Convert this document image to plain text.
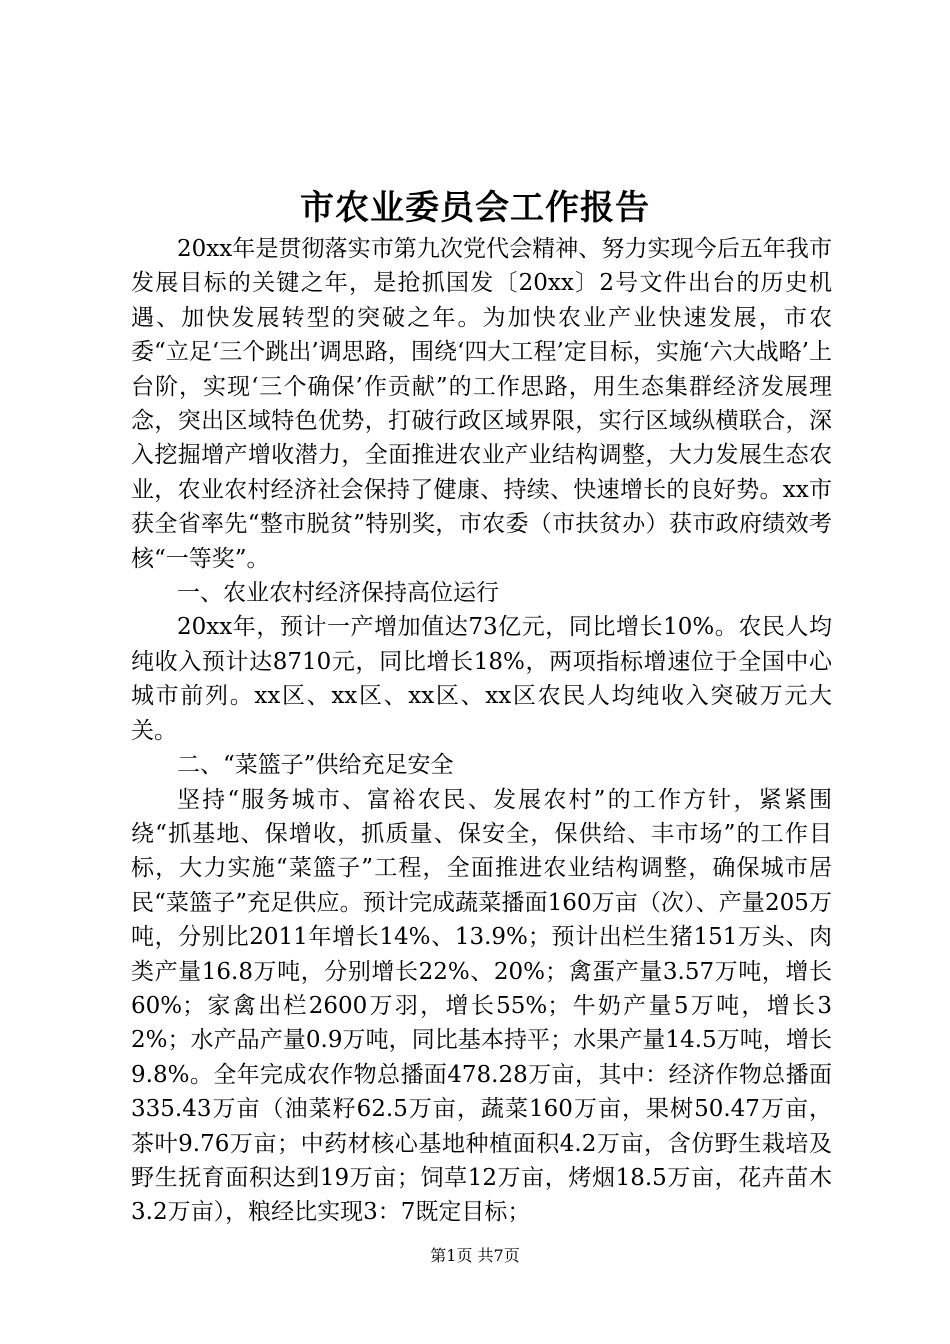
市农业委员会工作报告

20xx年是贯彻落实市第九次党代会精神、努力实现今后五年我市发展目标的关键之年，是抢抓国发〔20xx〕2号文件出台的历史机遇、加快发展转型的突破之年。为加快农业产业快速发展，市农委“立足‘三个跳出’调思路，围绕‘四大工程’定目标，实施‘六大战略’上台阶，实现‘三个确保’作贡献”的工作思路，用生态集群经济发展理念，突出区域特色优势，打破行政区域界限，实行区域纵横联合，深入挖掘增产增收潜力，全面推进农业产业结构调整，大力发展生态农业，农业农村经济社会保持了健康、持续、快速增长的良好势。xx市获全省率先“整市脱贫”特别奖，市农委（市扶贫办）获市政府绩效考核“一等奖”。

一、农业农村经济保持高位运行

20xx年，预计一产增加值达73亿元，同比增长10%。农民人均纯收入预计达8710元，同比增长18%，两项指标增速位于全国中心城市前列。xx区、xx区、xx区、xx区农民人均纯收入突破万元大关。

二、“菜篮子”供给充足安全

坚持“服务城市、富裕农民、发展农村”的工作方针，紧紧围绕“抓基地、保增收，抓质量、保安全，保供给、丰市场”的工作目标，大力实施“菜篮子”工程，全面推进农业结构调整，确保城市居民“菜篮子”充足供应。预计完成蔬菜播面160万亩（次）、产量205万吨，分别比2011年增长14%、13.9%；预计出栏生猪151万头、肉类产量16.8万吨，分别增长22%、20%；禽蛋产量3.57万吨，增长60%；家禽出栏2600万羽，增长55%；牛奶产量5万吨，增长32%；水产品产量0.9万吨，同比基本持平；水果产量14.5万吨，增长9.8%。全年完成农作物总播面478.28万亩，其中：经济作物总播面335.43万亩（油菜籽62.5万亩，蔬菜160万亩，果树50.47万亩，茶叶9.76万亩；中药材核心基地种植面积4.2万亩，含仿野生栽培及野生抚育面积达到19万亩；饲草12万亩，烤烟18.5万亩，花卉苗木3.2万亩），粮经比实现3：7既定目标；

第1页 共7页
